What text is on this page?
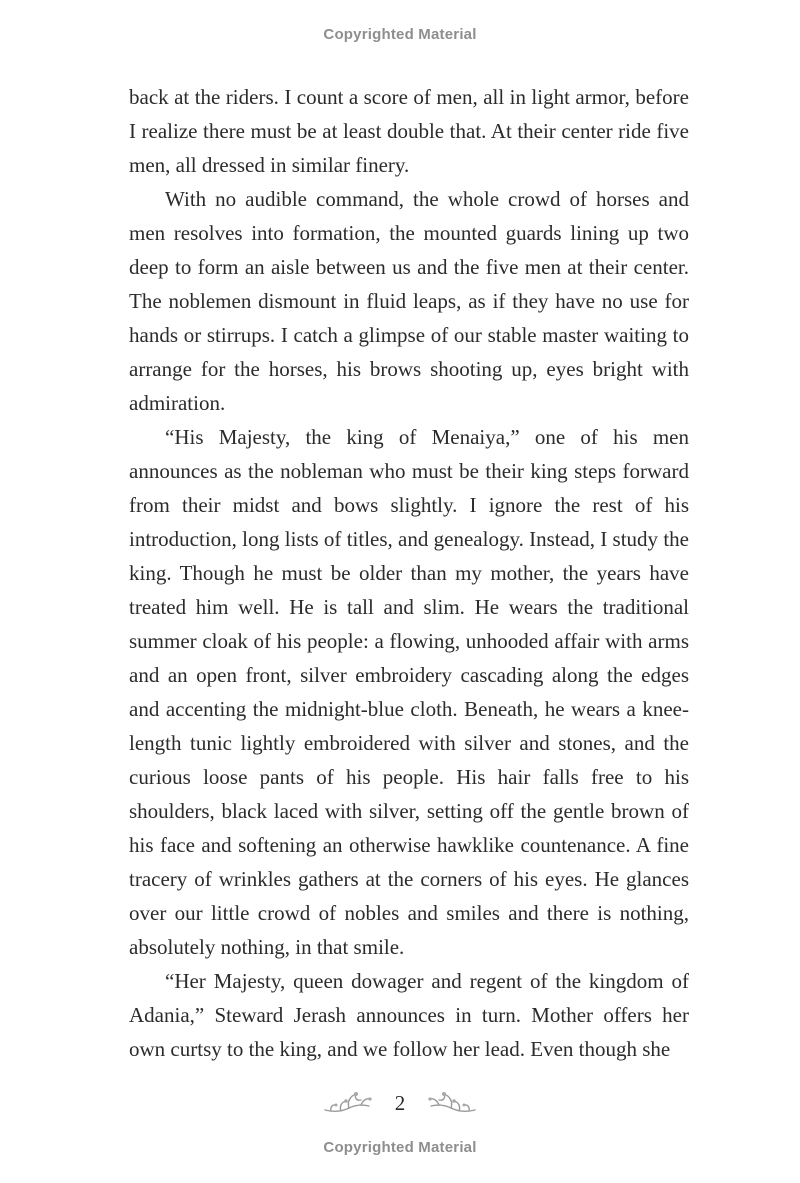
Copyrighted Material

back at the riders. I count a score of men, all in light armor, before I realize there must be at least double that. At their center ride five men, all dressed in similar finery.

With no audible command, the whole crowd of horses and men resolves into formation, the mounted guards lining up two deep to form an aisle between us and the five men at their center. The noblemen dismount in fluid leaps, as if they have no use for hands or stirrups. I catch a glimpse of our stable master waiting to arrange for the horses, his brows shooting up, eyes bright with admiration.

“His Majesty, the king of Menaiya,” one of his men announces as the nobleman who must be their king steps forward from their midst and bows slightly. I ignore the rest of his introduction, long lists of titles, and genealogy. Instead, I study the king. Though he must be older than my mother, the years have treated him well. He is tall and slim. He wears the traditional summer cloak of his people: a flowing, unhooded affair with arms and an open front, silver embroidery cascading along the edges and accenting the midnight-blue cloth. Beneath, he wears a knee-length tunic lightly embroidered with silver and stones, and the curious loose pants of his people. His hair falls free to his shoulders, black laced with silver, setting off the gentle brown of his face and softening an otherwise hawklike countenance. A fine tracery of wrinkles gathers at the corners of his eyes. He glances over our little crowd of nobles and smiles and there is nothing, absolutely nothing, in that smile.

“Her Majesty, queen dowager and regent of the kingdom of Adania,” Steward Jerash announces in turn. Mother offers her own curtsy to the king, and we follow her lead. Even though she

2
Copyrighted Material
